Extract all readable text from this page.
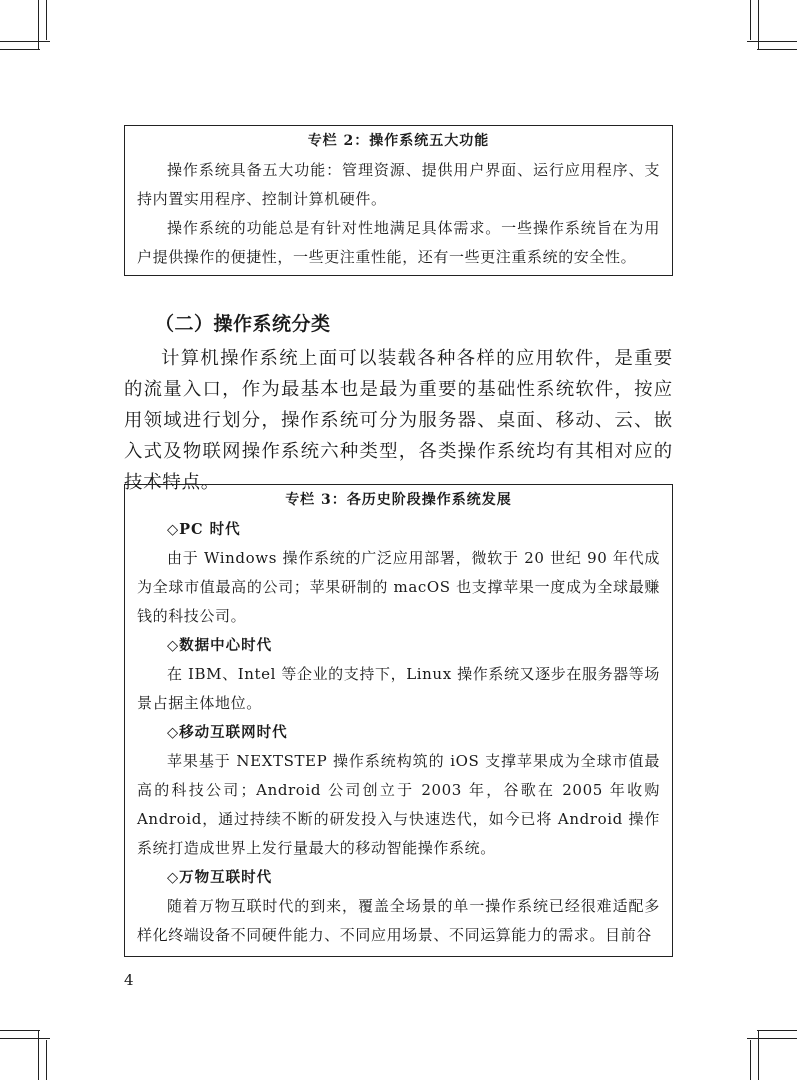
专栏 2：操作系统五大功能

操作系统具备五大功能：管理资源、提供用户界面、运行应用程序、支持内置实用程序、控制计算机硬件。

操作系统的功能总是有针对性地满足具体需求。一些操作系统旨在为用户提供操作的便捷性，一些更注重性能，还有一些更注重系统的安全性。

（二）操作系统分类

计算机操作系统上面可以装载各种各样的应用软件，是重要的流量入口，作为最基本也是最为重要的基础性系统软件，按应用领域进行划分，操作系统可分为服务器、桌面、移动、云、嵌入式及物联网操作系统六种类型，各类操作系统均有其相对应的技术特点。

专栏 3：各历史阶段操作系统发展
◇PC 时代

由于 Windows 操作系统的广泛应用部署，微软于 20 世纪 90 年代成为全球市值最高的公司；苹果研制的 macOS 也支撑苹果一度成为全球最赚钱的科技公司。

◇数据中心时代

在 IBM、Intel 等企业的支持下，Linux 操作系统又逐步在服务器等场景占据主体地位。

◇移动互联网时代

苹果基于 NEXTSTEP 操作系统构筑的 iOS 支撑苹果成为全球市值最高的科技公司；Android 公司创立于 2003 年，谷歌在 2005 年收购 Android，通过持续不断的研发投入与快速迭代，如今已将 Android 操作系统打造成世界上发行量最大的移动智能操作系统。

◇万物互联时代

随着万物互联时代的到来，覆盖全场景的单一操作系统已经很难适配多样化终端设备不同硬件能力、不同应用场景、不同运算能力的需求。目前谷

4
